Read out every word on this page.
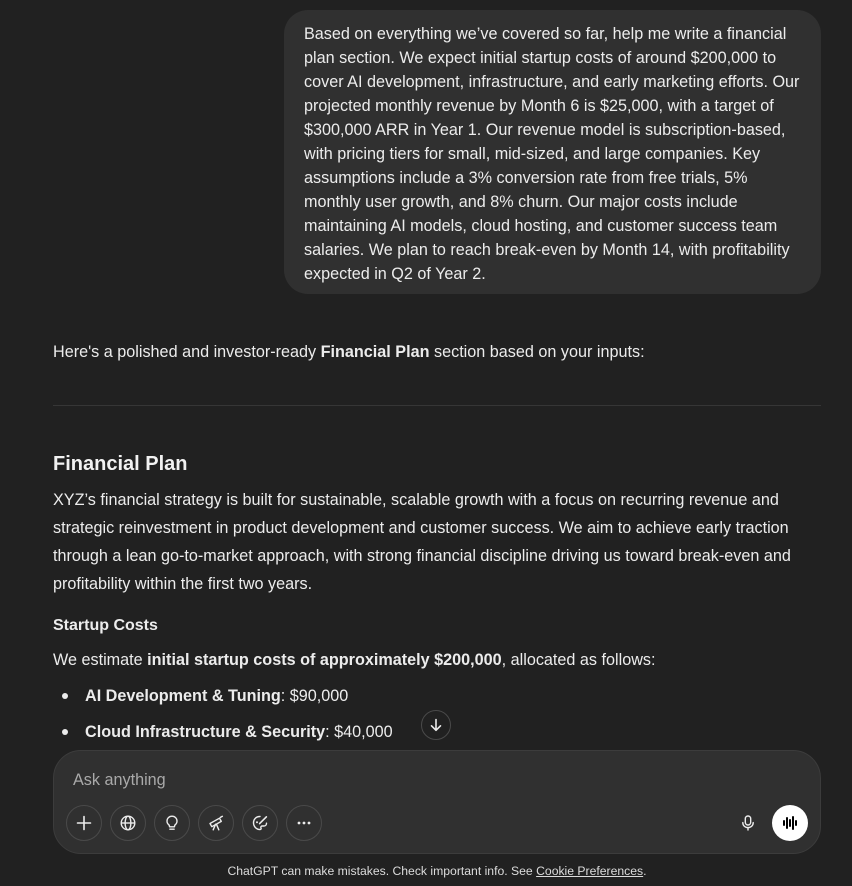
Based on everything we’ve covered so far, help me write a financial plan section. We expect initial startup costs of around $200,000 to cover AI development, infrastructure, and early marketing efforts. Our projected monthly revenue by Month 6 is $25,000, with a target of $300,000 ARR in Year 1. Our revenue model is subscription-based, with pricing tiers for small, mid-sized, and large companies. Key assumptions include a 3% conversion rate from free trials, 5% monthly user growth, and 8% churn. Our major costs include maintaining AI models, cloud hosting, and customer success team salaries. We plan to reach break-even by Month 14, with profitability expected in Q2 of Year 2.
Here's a polished and investor-ready Financial Plan section based on your inputs:
Financial Plan
XYZ’s financial strategy is built for sustainable, scalable growth with a focus on recurring revenue and strategic reinvestment in product development and customer success. We aim to achieve early traction through a lean go-to-market approach, with strong financial discipline driving us toward break-even and profitability within the first two years.
Startup Costs
We estimate initial startup costs of approximately $200,000, allocated as follows:
AI Development & Tuning: $90,000
Cloud Infrastructure & Security: $40,000
Ask anything
ChatGPT can make mistakes. Check important info. See Cookie Preferences.
